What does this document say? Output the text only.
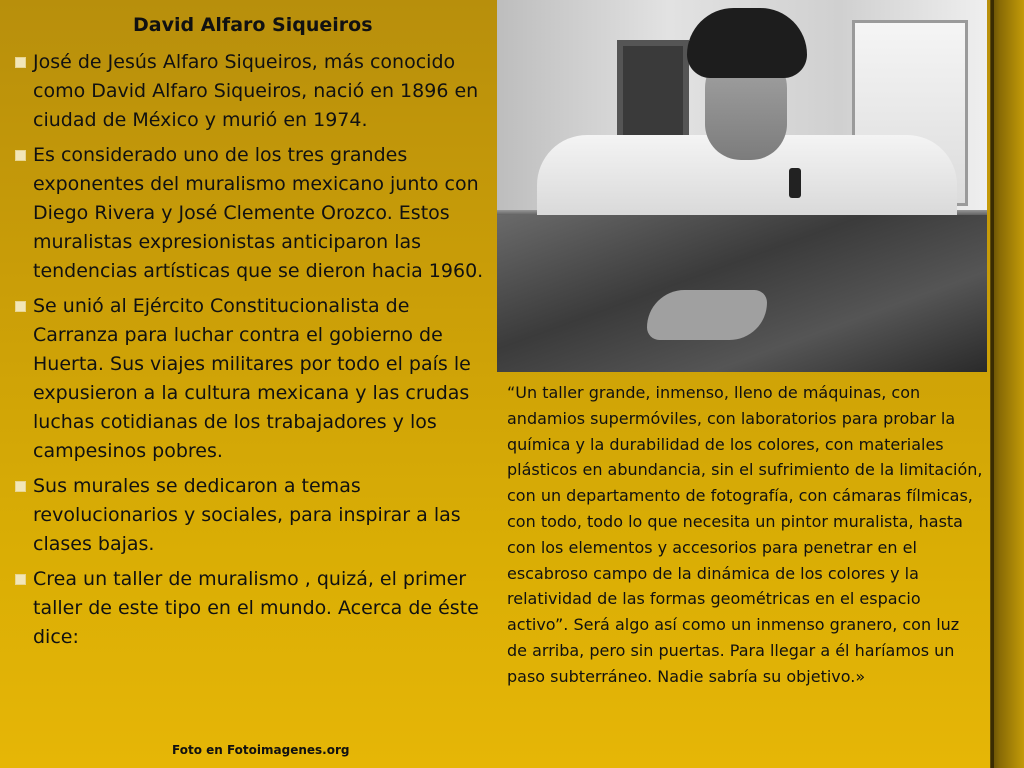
David Alfaro Siqueiros
José de Jesús Alfaro Siqueiros, más conocido como David Alfaro Siqueiros, nació en 1896 en ciudad de México y murió en 1974.
Es considerado uno de los tres grandes exponentes del muralismo mexicano junto con Diego Rivera y José Clemente Orozco. Estos muralistas expresionistas anticiparon las tendencias artísticas que se dieron hacia 1960.
Se unió al Ejército Constitucionalista de Carranza para luchar contra el gobierno de Huerta. Sus viajes militares por todo el país le expusieron a la cultura mexicana y las crudas luchas cotidianas de los trabajadores y los campesinos pobres.
Sus murales se dedicaron a temas revolucionarios y sociales, para inspirar a las clases bajas.
Crea un taller de muralismo , quizá, el primer taller de este tipo en el mundo. Acerca de éste dice:

“Un taller grande, inmenso, lleno de máquinas, con andamios supermóviles, con laboratorios para probar la química y la durabilidad de los colores, con materiales plásticos en abundancia, sin el sufrimiento de la limitación, con un departamento de fotografía, con cámaras fílmicas, con todo, todo lo que necesita un pintor muralista, hasta con los elementos y accesorios para penetrar en el escabroso campo de la dinámica de los colores y la relatividad de las formas geométricas en el espacio activo”. Será algo así como un inmenso granero, con luz de arriba, pero sin puertas. Para llegar a él haríamos un paso subterráneo. Nadie sabría su objetivo.»

Foto en Fotoimagenes.org
